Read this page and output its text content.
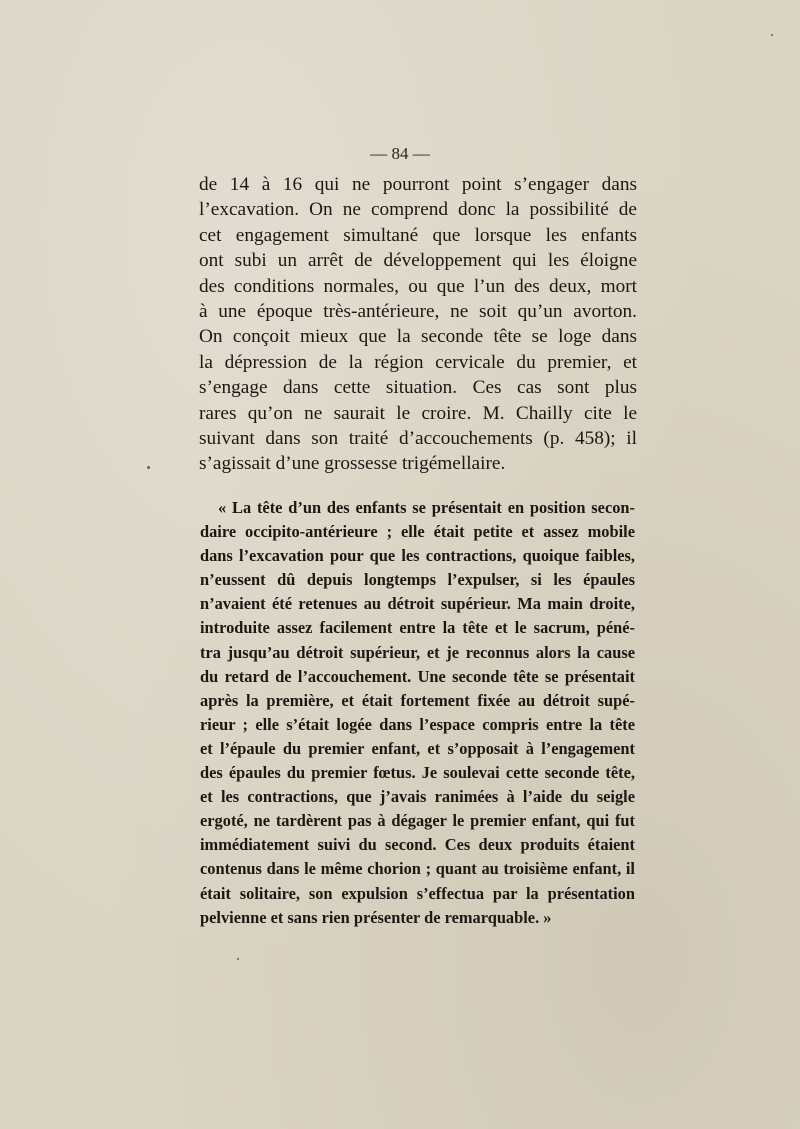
— 84 —
de 14 à 16 qui ne pourront point s’engager dans
l’excavation. On ne comprend donc la possibilité de
cet engagement simultané que lorsque les enfants
ont subi un arrêt de développement qui les éloigne
des conditions normales, ou que l’un des deux, mort
à une époque très-antérieure, ne soit qu’un avorton.
On conçoit mieux que la seconde tête se loge dans
la dépression de la région cervicale du premier, et
s’engage dans cette situation. Ces cas sont plus
rares qu’on ne saurait le croire. M. Chailly cite le
suivant dans son traité d’accouchements (p. 458); il
s’agissait d’une grossesse trigémellaire.
« La tête d’un des enfants se présentait en position secon-
daire occipito-antérieure ; elle était petite et assez mobile
dans l’excavation pour que les contractions, quoique faibles,
n’eussent dû depuis longtemps l’expulser, si les épaules
n’avaient été retenues au détroit supérieur. Ma main droite,
introduite assez facilement entre la tête et le sacrum, péné-
tra jusqu’au détroit supérieur, et je reconnus alors la cause
du retard de l’accouchement. Une seconde tête se présentait
après la première, et était fortement fixée au détroit supé-
rieur ; elle s’était logée dans l’espace compris entre la tête
et l’épaule du premier enfant, et s’opposait à l’engagement
des épaules du premier fœtus. Je soulevai cette seconde tête,
et les contractions, que j’avais ranimées à l’aide du seigle
ergoté, ne tardèrent pas à dégager le premier enfant, qui fut
immédiatement suivi du second. Ces deux produits étaient
contenus dans le même chorion ; quant au troisième enfant, il
était solitaire, son expulsion s’effectua par la présentation
pelvienne et sans rien présenter de remarquable. »
